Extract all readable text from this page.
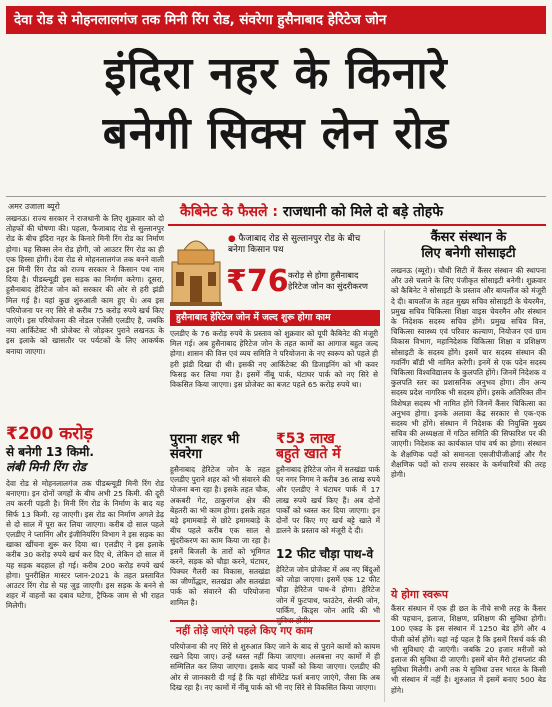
देवा रोड से मोहनलालगंज तक मिनी रिंग रोड, संवरेगा हुसैनाबाद हेरिटेज जोन
इंदिरा नहर के किनारे
बनेगी सिक्स लेन रोड
अमर उजाला ब्यूरो
लखनऊ। राज्य सरकार ने राजधानी के लिए शुक्रवार को दो तोहफों की घोषणा की। पहला, फैजाबाद रोड से सुल्तानपुर रोड के बीच इंदिरा नहर के किनारे मिनी रिंग रोड का निर्माण होगा। यह सिक्स लेन रोड होगी, जो आउटर रिंग रोड का ही एक हिस्सा होगी। देवा रोड से मोहनलालगंज तक बनने वाली इस मिनी रिंग रोड को राज्य सरकार ने किसान पथ नाम दिया है। पीडब्ल्यूडी इस सड़क का निर्माण करेगा। दूसरा, हुसैनाबाद हेरिटेज जोन को सरकार की ओर से हरी झंडी मिल गई है। यहां कुछ शुरुआती काम हुए थे। अब इस परियोजना पर नए सिरे से करीब 75 करोड़ रुपये खर्च किए जाएंगे। इस परियोजना की नोडल एजेंसी एलडीए है, जबकि नया आर्किटेक्ट भी प्रोजेक्ट से जोड़कर पुराने लखनऊ के इस इलाके को खासतौर पर पर्यटकों के लिए आकर्षक बनाया जाएगा।
₹200 करोड़
से बनेगी 13 किमी.
लंबी मिनी रिंग रोड
देवा रोड से मोहनलालगंज तक पीडब्ल्यूडी मिनी रिंग रोड बनाएगा। इन दोनों जगहों के बीच अभी 25 किमी. की दूरी तय करनी पड़ती है। मिनी रिंग रोड के निर्माण के बाद यह सिर्फ 13 किमी. रह जाएगी। इस रोड का निर्माण अगले डेढ़ से दो साल में पूरा कर लिया जाएगा। करीब दो साल पहले एलडीए ने प्लानिंग और इंजीनियरिंग विभाग ने इस सड़क का खाका खींचना शुरू कर दिया था। एलडीए ने इस इलाके करीब 30 करोड़ रुपये खर्च कर दिए थे, लेकिन दो साल में यह सड़क बदहाल हो गई। करीब 200 करोड़ रुपये खर्च होगा। पुनरीक्षित मास्टर प्लान-2021 के तहत प्रस्तावित आउटर रिंग रोड से यह जुड़ जाएगी। इस सड़क के बनने से शहर में वाहनों का दबाव घटेगा, ट्रैफिक जाम से भी राहत मिलेगी।
कैबिनेट के फैसले : राजधानी को मिले दो बड़े तोहफे
● फैजाबाद रोड से सुल्तानपुर रोड के बीच बनेगा किसान पथ
₹76 करोड़ से होगा हुसैनाबाद हेरिटेज जोन का सुंदरीकरण
हुसैनाबाद हेरिटेज जोन में जल्द शुरू होगा काम
एलडीए के 76 करोड़ रुपये के प्रस्ताव को शुक्रवार को यूपी कैबिनेट की मंजूरी मिल गई। अब हुसैनाबाद हेरिटेज जोन के तहत कामों का आगाज बहुत जल्द होगा। शासन की वित्त एवं व्यय समिति ने परियोजना के नए स्वरूप को पहले ही हरी झंडी दिखा दी थी। इसकी नए आर्किटेक्ट की डिजाइनिंग को भी कवर फिसड़ कर लिया गया है। इसमें नींबू पार्क, घंटाघर पार्क को नए सिरे से विकसित किया जाएगा। इस प्रोजेक्ट का बजट पहले 65 करोड़ रुपये था।
पुराना शहर भी संवरेगा
हुसैनाबाद हेरिटेज जोन के तहत एलडीए पुराने शहर को भी संवारने की योजना बना रहा है। इसके तहत चौक, अकबरी गेट, ठाकुरगंज क्षेत्र की बेहतरी का भी काम होगा। इसके तहत बड़े इमामबाड़े से छोटे इमामबाड़े के बीच पहले करीब एक साल से सुंदरीकरण का काम किया जा रहा है। इसमें बिजली के तारों को भूमिगत करने, सड़क को चौड़ा करने, घंटाघर, पिक्चर गैलरी का विकास, सतखंडा का जीर्णोद्धार, सतखंडा और सतखंडा पार्क को संवारने की परियोजना शामिल है।
₹53 लाख
बहुते खाते में
हुसैनाबाद हेरिटेज जोन में सतखंडा पार्क पर नगर निगम ने करीब 36 लाख रुपये और एलडीए ने घंटाघर पार्क में 17 लाख रुपये खर्च किए हैं। अब दोनों पार्कों को ध्वस्त कर दिया जाएगा। इन दोनों पर किए गए खर्च बट्टे खाते में डालने के प्रस्ताव को मंजूरी दे दी।
12 फीट चौड़ा पाथ-वे
हेरिटेज जोन प्रोजेक्ट में अब नए बिंदुओं को जोड़ा जाएगा। इसमें एक 12 फीट चौड़ा हेरिटेज पाथ-वे होगा। हेरिटेज जोन में फुटपाथ, फाउंटेन, सेल्फी जोन, पार्किंग, किड्स जोन आदि की भी सुविधा होगी।
नहीं तोड़े जाएंगे पहले किए गए काम
परियोजना की नए सिरे से शुरुआत किए जाने के बाद से पुराने कामों को कायम रखने दिया जाए। उन्हें ध्वस्त नहीं किया जाएगा। अलबत्ता नए कामों में ही सम्मिलित कर लिया जाएगा। इसके बाद पार्कों को किया जाएगा। एलडीए की ओर से जानकारी दी गई है कि यहां सीमेंटेड फर्श बनाए जाएंगे, जैसा कि अब दिख रहा है। नए कामों में नींबू पार्क को भी नए सिरे से विकसित किया जाएगा।
कैंसर संस्थान के
लिए बनेगी सोसाइटी
लखनऊ (ब्यूरो)। चौथी सिटी में कैंसर संस्थान की स्थापना और उसे चलाने के लिए पंजीकृत सोसाइटी बनेगी। शुक्रवार को कैबिनेट ने सोसाइटी के प्रस्ताव और बायलॉज को मंजूरी दे दी। बायलॉज के तहत मुख्य सचिव सोसाइटी के चेयरमैन, प्रमुख सचिव चिकित्सा शिक्षा वाइस चेयरमैन और संस्थान के निदेशक सदस्य सचिव होंगे। प्रमुख सचिव वित्त, चिकित्सा स्वास्थ्य एवं परिवार कल्याण, नियोजन एवं ग्राम विकास विभाग, महानिदेशक चिकित्सा शिक्षा व प्रशिक्षण सोसाइटी के सदस्य होंगे। इसमें चार सदस्य संस्थान की गवर्निंग बॉडी भी नामित करेगी। इनमें से एक पदेन सदस्य चिकित्सा विश्वविद्यालय के कुलपति होंगे। जिनमें निदेशक व कुलपति स्तर का प्रशासनिक अनुभव होगा। तीन अन्य सदस्य प्रदेश नागरिक भी सदस्य होंगे। इसके अतिरिक्त तीन विशेषज्ञ सदस्य भी नामित होंगे जिनमें कैंसर चिकित्सा का अनुभव होगा। इनके अलावा केंद्र सरकार से एक-एक सदस्य भी होंगे। संस्थान में निदेशक की नियुक्ति मुख्य सचिव की अध्यक्षता में गठित समिति की सिफारिश पर की जाएगी। निदेशक का कार्यकाल पांच वर्ष का होगा। संस्थान के शैक्षणिक पदों को समानता एसजीपीजीआई और गैर शैक्षणिक पदों को राज्य सरकार के कर्मचारियों की तरह होगी।
ये होगा स्वरूप
कैंसर संस्थान में एक ही छत के नीचे सभी तरह के कैंसर की पहचान, इलाज, शिक्षण, प्रशिक्षण की सुविधा होगी। 100 एकड़ के इस संस्थान में 1250 बेड होंगे और 4 पीजी कोर्स होंगे। यहां नई पहल है कि इसमें रिसर्च वर्क की भी सुविधाएं दी जाएंगी। जबकि 20 हजार मरीजों को इलाज की सुविधा दी जाएगी। इसमें बोन मैरो ट्रांसप्लांट की सुविधा मिलेगी। अभी तक ये सुविधा उत्तर भारत के किसी भी संस्थान में नहीं है। शुरुआत में इसमें बनाए 500 बेड होंगे।
